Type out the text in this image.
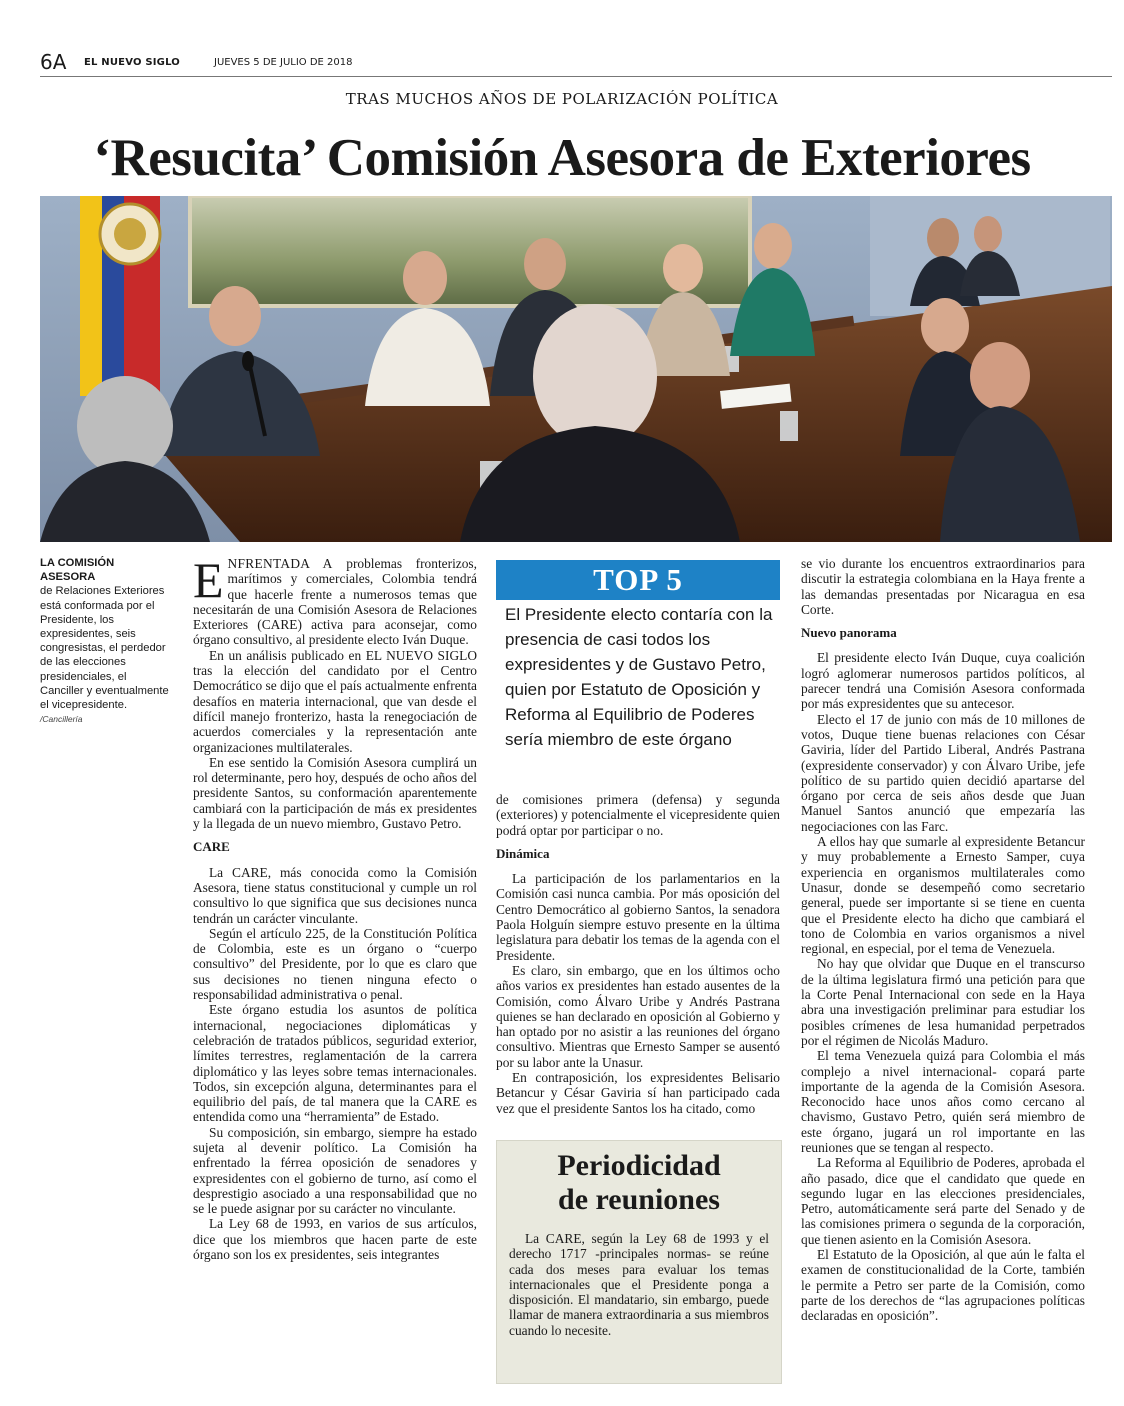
6A EL NUEVO SIGLO	JUEVES 5 DE JULIO DE 2018
TRAS MUCHOS AÑOS DE POLARIZACIÓN POLÍTICA
‘Resucita’ Comisión Asesora de Exteriores
LA COMISIÓN ASESORA
de Relaciones Exteriores está conformada por el Presidente, los expresidentes, seis congresistas, el perdedor de las elecciones presidenciales, el Canciller y eventualmente el vicepresidente. /Cancillería

ENFRENTADA A problemas fronterizos, marítimos y comerciales, Colombia tendrá que hacerle frente a numerosos temas que necesitarán de una Comisión Asesora de Relaciones Exteriores (CARE) activa para aconsejar, como órgano consultivo, al presidente electo Iván Duque.

En un análisis publicado en EL NUEVO SIGLO tras la elección del candidato por el Centro Democrático se dijo que el país actualmente enfrenta desafíos en materia internacional, que van desde el difícil manejo fronterizo, hasta la renegociación de acuerdos comerciales y la representación ante organizaciones multilaterales.

En ese sentido la Comisión Asesora cumplirá un rol determinante, pero hoy, después de ocho años del presidente Santos, su conformación aparentemente cambiará con la participación de más ex presidentes y la llegada de un nuevo miembro, Gustavo Petro.

CARE

La CARE, más conocida como la Comisión Asesora, tiene status constitucional y cumple un rol consultivo lo que significa que sus decisiones nunca tendrán un carácter vinculante.

Según el artículo 225, de la Constitución Política de Colombia, este es un órgano o “cuerpo consultivo” del Presidente, por lo que es claro que sus decisiones no tienen ninguna efecto o responsabilidad administrativa o penal.

Este órgano estudia los asuntos de política internacional, negociaciones diplomáticas y celebración de tratados públicos, seguridad exterior, límites terrestres, reglamentación de la carrera diplomático y las leyes sobre temas internacionales. Todos, sin excepción alguna, determinantes para el equilibrio del país, de tal manera que la CARE es entendida como una “herramienta” de Estado.

Su composición, sin embargo, siempre ha estado sujeta al devenir político. La Comisión ha enfrentado la férrea oposición de senadores y expresidentes con el gobierno de turno, así como el desprestigio asociado a una responsabilidad que no se le puede asignar por su carácter no vinculante.

La Ley 68 de 1993, en varios de sus artículos, dice que los miembros que hacen parte de este órgano son los ex presidentes, seis integrantes

TOP 5
El Presidente electo contaría con la presencia de casi todos los expresidentes y de Gustavo Petro, quien por Estatuto de Oposición y Reforma al Equilibrio de Poderes sería miembro de este órgano

de comisiones primera (defensa) y segunda (exteriores) y potencialmente el vicepresidente quien podrá optar por participar o no.

Dinámica

La participación de los parlamentarios en la Comisión casi nunca cambia. Por más oposición del Centro Democrático al gobierno Santos, la senadora Paola Holguín siempre estuvo presente en la última legislatura para debatir los temas de la agenda con el Presidente.

Es claro, sin embargo, que en los últimos ocho años varios ex presidentes han estado ausentes de la Comisión, como Álvaro Uribe y Andrés Pastrana quienes se han declarado en oposición al Gobierno y han optado por no asistir a las reuniones del órgano consultivo. Mientras que Ernesto Samper se ausentó por su labor ante la Unasur.

En contraposición, los expresidentes Belisario Betancur y César Gaviria sí han participado cada vez que el presidente Santos los ha citado, como

Periodicidad
de reuniones

La CARE, según la Ley 68 de 1993 y el derecho 1717 -principales normas- se reúne cada dos meses para evaluar los temas internacionales que el Presidente ponga a disposición. El mandatario, sin embargo, puede llamar de manera extraordinaria a sus miembros cuando lo necesite.

se vio durante los encuentros extraordinarios para discutir la estrategia colombiana en la Haya frente a las demandas presentadas por Nicaragua en esa Corte.

Nuevo panorama

El presidente electo Iván Duque, cuya coalición logró aglomerar numerosos partidos políticos, al parecer tendrá una Comisión Asesora conformada por más expresidentes que su antecesor.

Electo el 17 de junio con más de 10 millones de votos, Duque tiene buenas relaciones con César Gaviria, líder del Partido Liberal, Andrés Pastrana (expresidente conservador) y con Álvaro Uribe, jefe político de su partido quien decidió apartarse del órgano por cerca de seis años desde que Juan Manuel Santos anunció que empezaría las negociaciones con las Farc.

A ellos hay que sumarle al expresidente Betancur y muy probablemente a Ernesto Samper, cuya experiencia en organismos multilaterales como Unasur, donde se desempeñó como secretario general, puede ser importante si se tiene en cuenta que el Presidente electo ha dicho que cambiará el tono de Colombia en varios organismos a nivel regional, en especial, por el tema de Venezuela.

No hay que olvidar que Duque en el transcurso de la última legislatura firmó una petición para que la Corte Penal Internacional con sede en la Haya abra una investigación preliminar para estudiar los posibles crímenes de lesa humanidad perpetrados por el régimen de Nicolás Maduro.

El tema Venezuela quizá para Colombia el más complejo a nivel internacional- copará parte importante de la agenda de la Comisión Asesora. Reconocido hace unos años como cercano al chavismo, Gustavo Petro, quién será miembro de este órgano, jugará un rol importante en las reuniones que se tengan al respecto.

La Reforma al Equilibrio de Poderes, aprobada el año pasado, dice que el candidato que quede en segundo lugar en las elecciones presidenciales, Petro, automáticamente será parte del Senado y de las comisiones primera o segunda de la corporación, que tienen asiento en la Comisión Asesora.

El Estatuto de la Oposición, al que aún le falta el examen de constitucionalidad de la Corte, también le permite a Petro ser parte de la Comisión, como parte de los derechos de “las agrupaciones políticas declaradas en oposición”.
